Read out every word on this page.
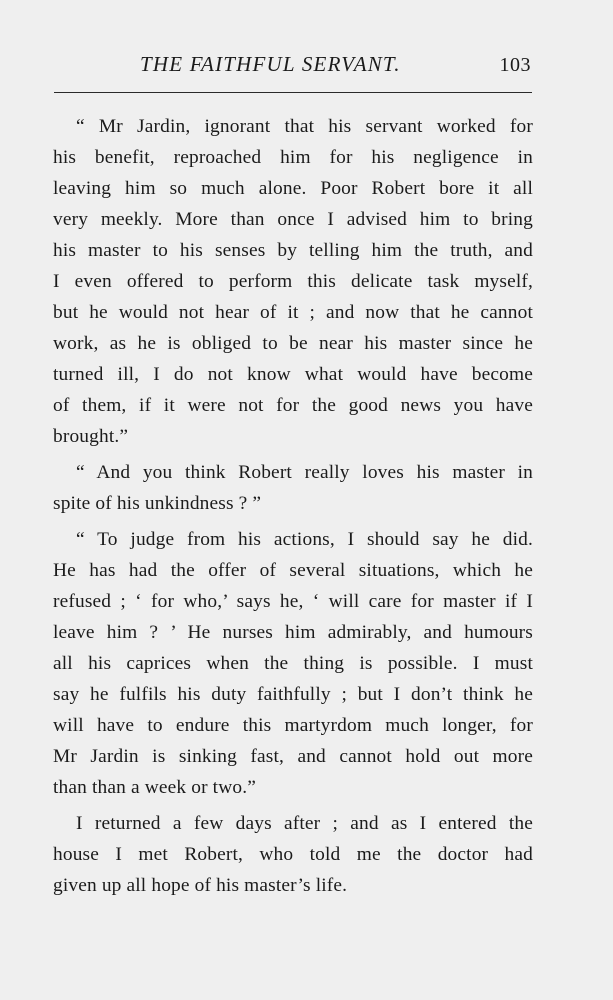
THE FAITHFUL SERVANT.	103
“ Mr Jardin, ignorant that his servant worked for
his benefit, reproached him for his negligence in
leaving him so much alone. Poor Robert bore it all
very meekly. More than once I advised him to bring
his master to his senses by telling him the truth, and
I even offered to perform this delicate task myself,
but he would not hear of it ; and now that he cannot
work, as he is obliged to be near his master since he
turned ill, I do not know what would have become
of them, if it were not for the good news you have
brought.”
“ And you think Robert really loves his master in
spite of his unkindness ? ”
“ To judge from his actions, I should say he did.
He has had the offer of several situations, which he
refused ; ‘ for who,’ says he, ‘ will care for master if I
leave him ? ’ He nurses him admirably, and humours
all his caprices when the thing is possible. I must
say he fulfils his duty faithfully ; but I don’t think he
will have to endure this martyrdom much longer, for
Mr Jardin is sinking fast, and cannot hold out more
than than a week or two.”
I returned a few days after ; and as I entered the
house I met Robert, who told me the doctor had
given up all hope of his master’s life.
